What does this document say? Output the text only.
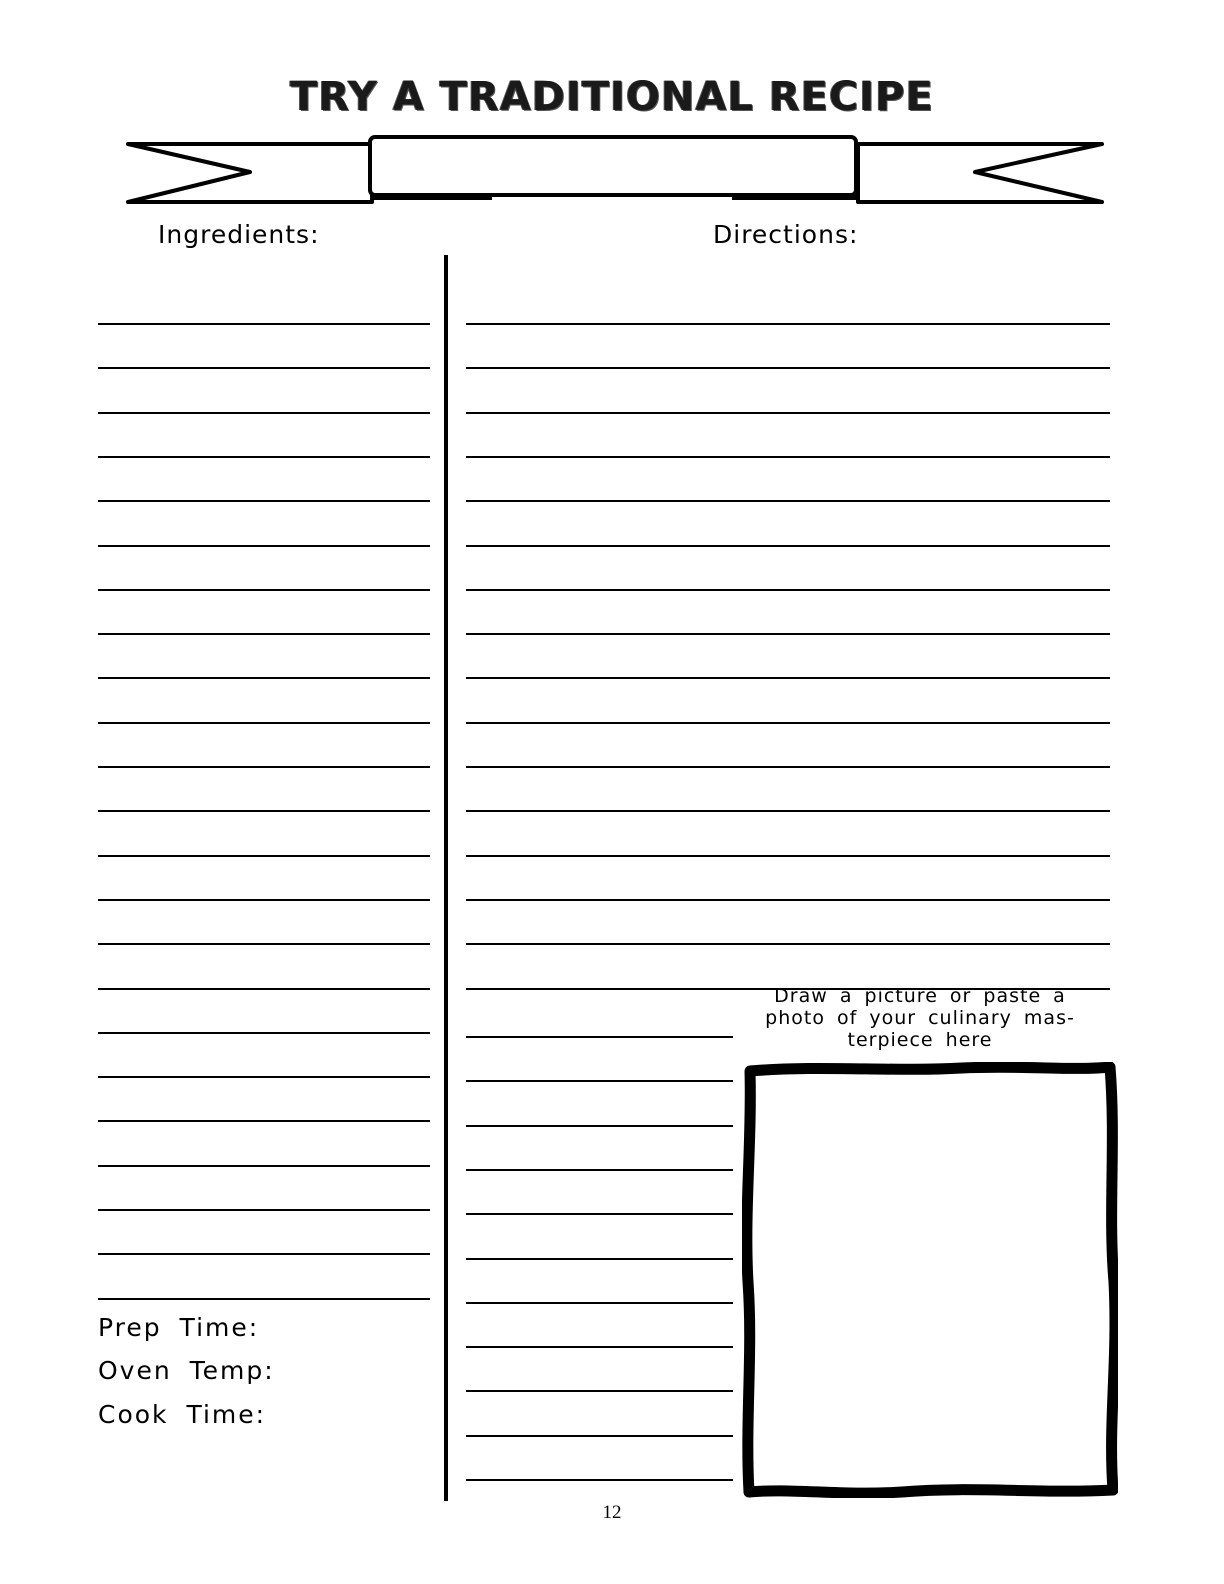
TRY A TRADITIONAL RECIPE
Ingredients:	Directions:
Prep Time:
Oven Temp:
Cook Time:
Draw a picture or paste a
photo of your culinary mas-
terpiece here
12
